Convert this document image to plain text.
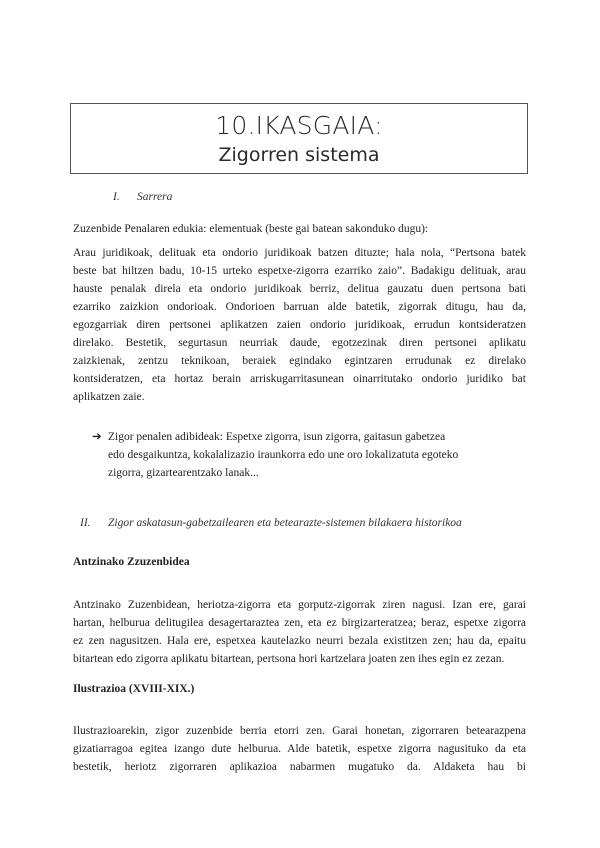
10.IKASGAIA:
Zigorren sistema
I. Sarrera
Zuzenbide Penalaren edukia: elementuak (beste gai batean sakonduko dugu):
Arau juridikoak, delituak eta ondorio juridikoak batzen dituzte; hala nola, “Pertsona batek
beste bat hiltzen badu, 10-15 urteko espetxe-zigorra ezarriko zaio”. Badakigu delituak, arau
hauste penalak direla eta ondorio juridikoak berriz, delitua gauzatu duen pertsona bati
ezarriko zaizkion ondorioak. Ondorioen barruan alde batetik, zigorrak ditugu, hau da,
egozgarriak diren pertsonei aplikatzen zaien ondorio juridikoak, errudun kontsideratzen
direlako. Bestetik, segurtasun neurriak daude, egotzezinak diren pertsonei aplikatu
zaizkienak, zentzu teknikoan, beraiek egindako egintzaren errudunak ez direlako
kontsideratzen, eta hortaz berain arriskugarritasunean oinarritutako ondorio juridiko bat
aplikatzen zaie.
➔ Zigor penalen adibideak: Espetxe zigorra, isun zigorra, gaitasun gabetzea
edo desgaikuntza, kokalalizazio iraunkorra edo une oro lokalizatuta egoteko
zigorra, gizartearentzako lanak...
II. Zigor askatasun-gabetzailearen eta betearazte-sistemen bilakaera historikoa
Antzinako Zzuzenbidea
Antzinako Zuzenbidean, heriotza-zigorra eta gorputz-zigorrak ziren nagusi. Izan ere, garai
hartan, helburua delitugilea desagertaraztea zen, eta ez birgizarteratzea; beraz, espetxe zigorra
ez zen nagusitzen. Hala ere, espetxea kautelazko neurri bezala existitzen zen; hau da, epaitu
bitartean edo zigorra aplikatu bitartean, pertsona hori kartzelara joaten zen ihes egin ez zezan.
Ilustrazioa (XVIII-XIX.)
Ilustrazioarekin, zigor zuzenbide berria etorri zen. Garai honetan, zigorraren betearazpena
gizatiarragoa egitea izango dute helburua. Alde batetik, espetxe zigorra nagusituko da eta
bestetik, heriotz zigorraren aplikazioa nabarmen mugatuko da. Aldaketa hau bi
